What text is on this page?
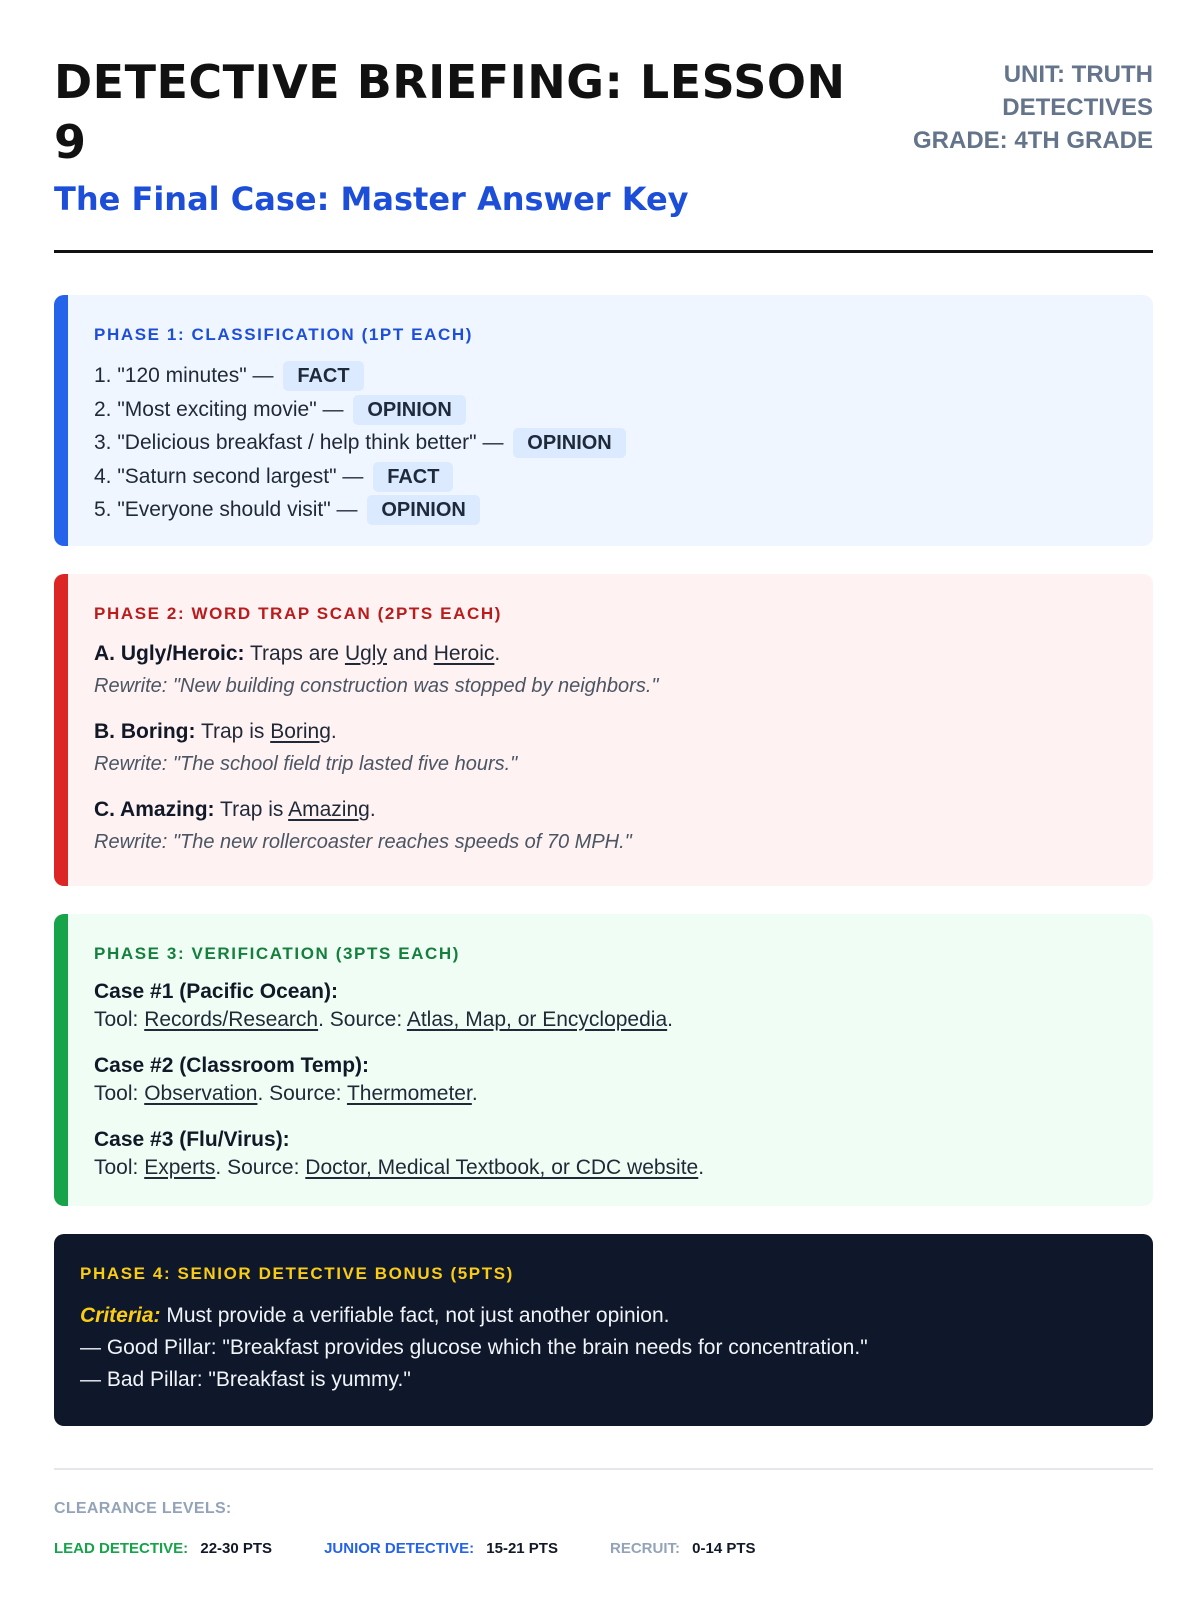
DETECTIVE BRIEFING: LESSON 9
The Final Case: Master Answer Key
UNIT: TRUTH
DETECTIVES
GRADE: 4TH GRADE
PHASE 1: CLASSIFICATION (1PT EACH)
1. "120 minutes" — FACT
2. "Most exciting movie" — OPINION
3. "Delicious breakfast / help think better" — OPINION
4. "Saturn second largest" — FACT
5. "Everyone should visit" — OPINION
PHASE 2: WORD TRAP SCAN (2PTS EACH)
A. Ugly/Heroic: Traps are Ugly and Heroic.
Rewrite: "New building construction was stopped by neighbors."
B. Boring: Trap is Boring.
Rewrite: "The school field trip lasted five hours."
C. Amazing: Trap is Amazing.
Rewrite: "The new rollercoaster reaches speeds of 70 MPH."
PHASE 3: VERIFICATION (3PTS EACH)
Case #1 (Pacific Ocean):
Tool: Records/Research. Source: Atlas, Map, or Encyclopedia.
Case #2 (Classroom Temp):
Tool: Observation. Source: Thermometer.
Case #3 (Flu/Virus):
Tool: Experts. Source: Doctor, Medical Textbook, or CDC website.
PHASE 4: SENIOR DETECTIVE BONUS (5PTS)
Criteria: Must provide a verifiable fact, not just another opinion.
— Good Pillar: "Breakfast provides glucose which the brain needs for concentration."
— Bad Pillar: "Breakfast is yummy."
CLEARANCE LEVELS:
LEAD DETECTIVE: 22-30 PTS	JUNIOR DETECTIVE: 15-21 PTS	RECRUIT: 0-14 PTS
